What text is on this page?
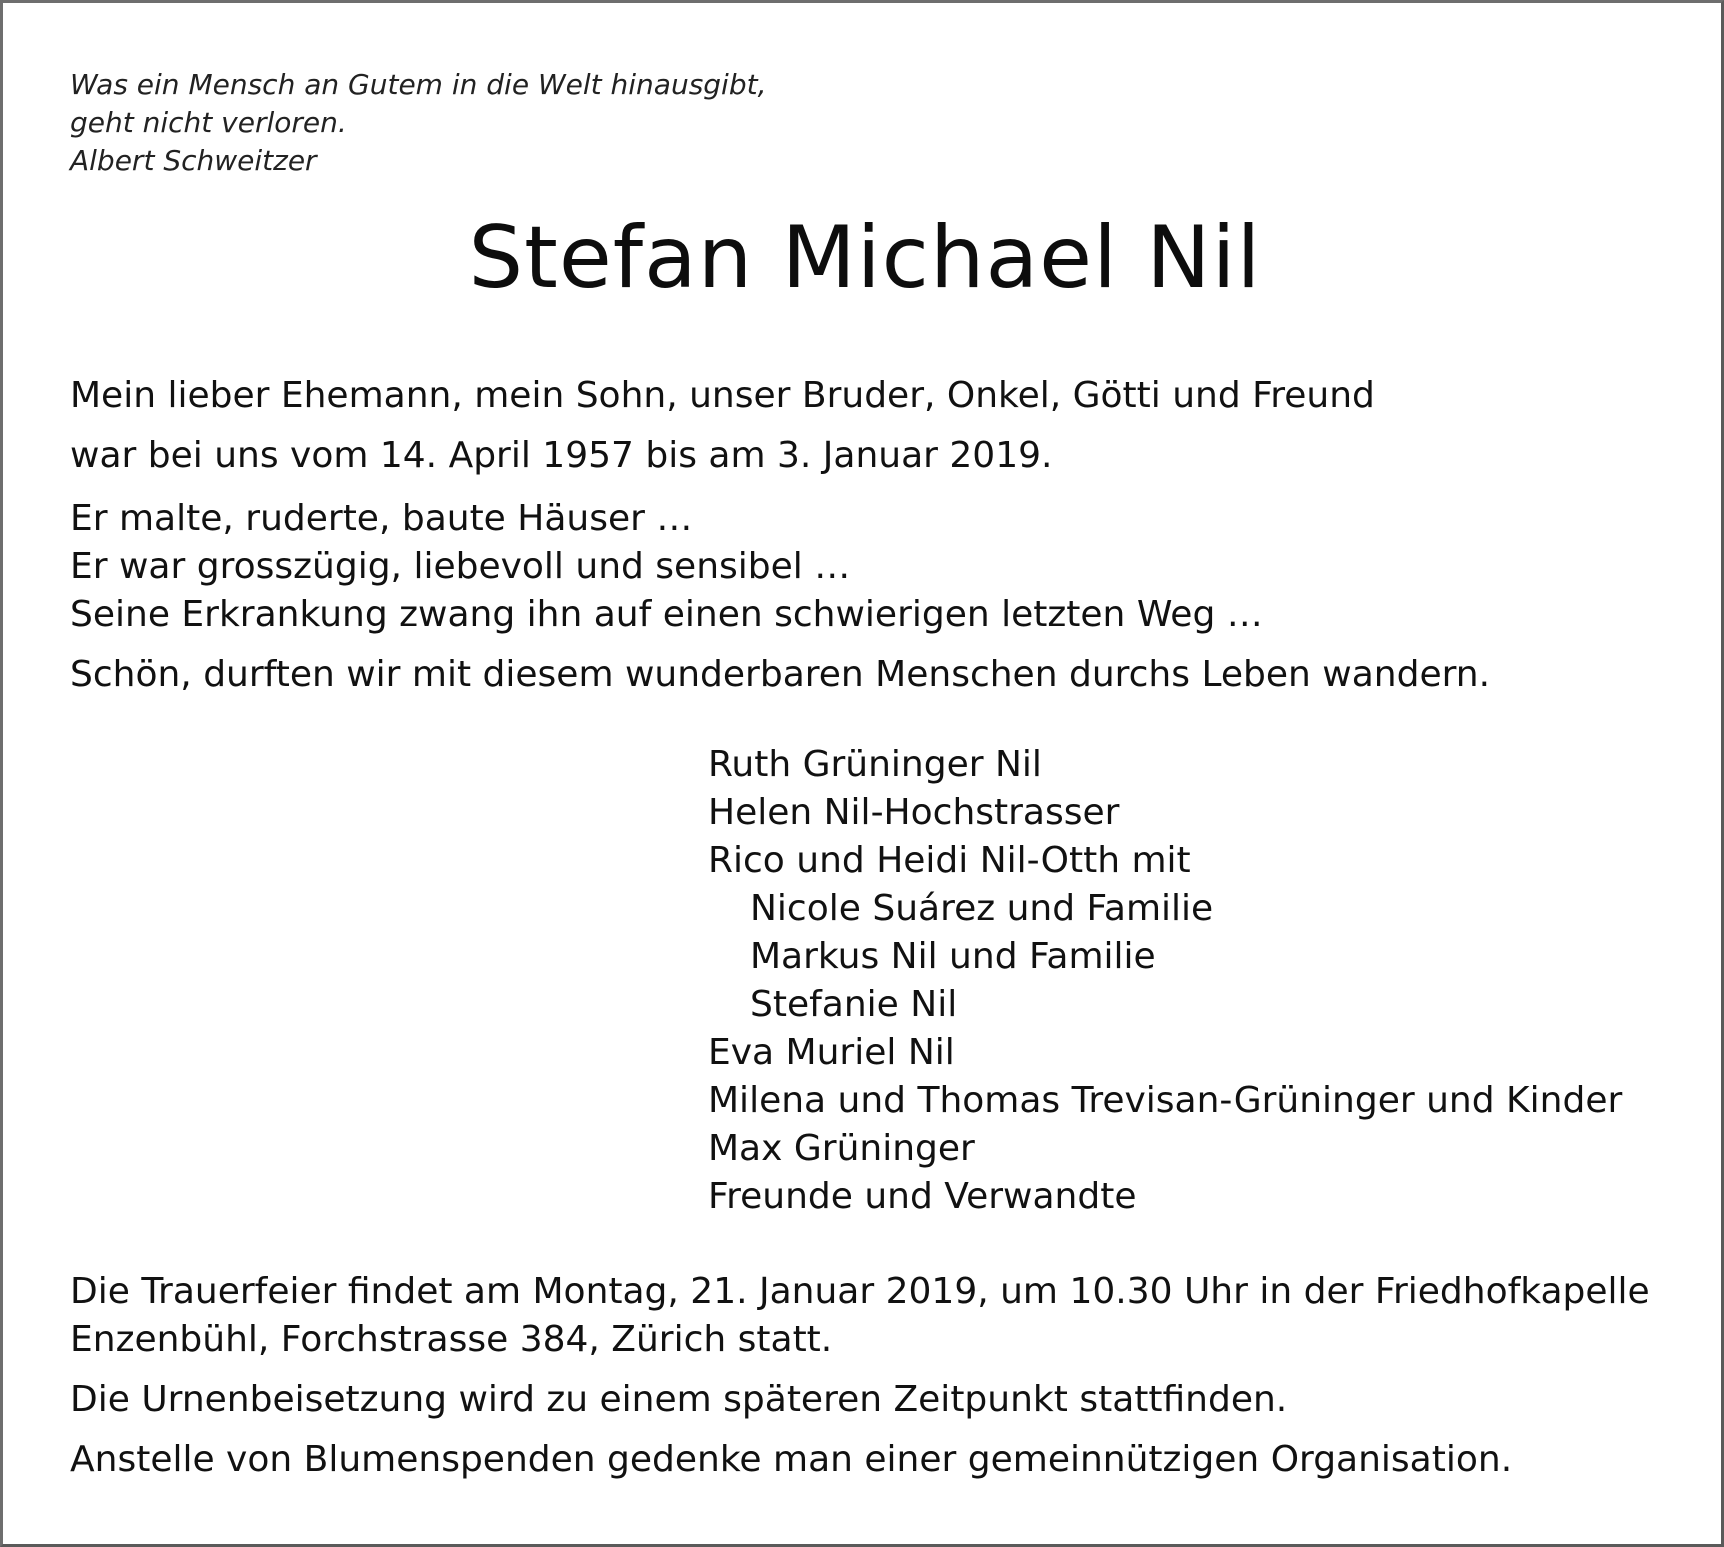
Was ein Mensch an Gutem in die Welt hinausgibt,
geht nicht verloren.
Albert Schweitzer
Stefan Michael Nil
Mein lieber Ehemann, mein Sohn, unser Bruder, Onkel, Götti und Freund
war bei uns vom 14. April 1957 bis am 3. Januar 2019.
Er malte, ruderte, baute Häuser …
Er war grosszügig, liebevoll und sensibel …
Seine Erkrankung zwang ihn auf einen schwierigen letzten Weg …
Schön, durften wir mit diesem wunderbaren Menschen durchs Leben wandern.
Ruth Grüninger Nil
Helen Nil-Hochstrasser
Rico und Heidi Nil-Otth mit
Nicole Suárez und Familie
Markus Nil und Familie
Stefanie Nil
Eva Muriel Nil
Milena und Thomas Trevisan-Grüninger und Kinder
Max Grüninger
Freunde und Verwandte
Die Trauerfeier findet am Montag, 21. Januar 2019, um 10.30 Uhr in der Friedhofkapelle
Enzenbühl, Forchstrasse 384, Zürich statt.
Die Urnenbeisetzung wird zu einem späteren Zeitpunkt stattfinden.
Anstelle von Blumenspenden gedenke man einer gemeinnützigen Organisation.
